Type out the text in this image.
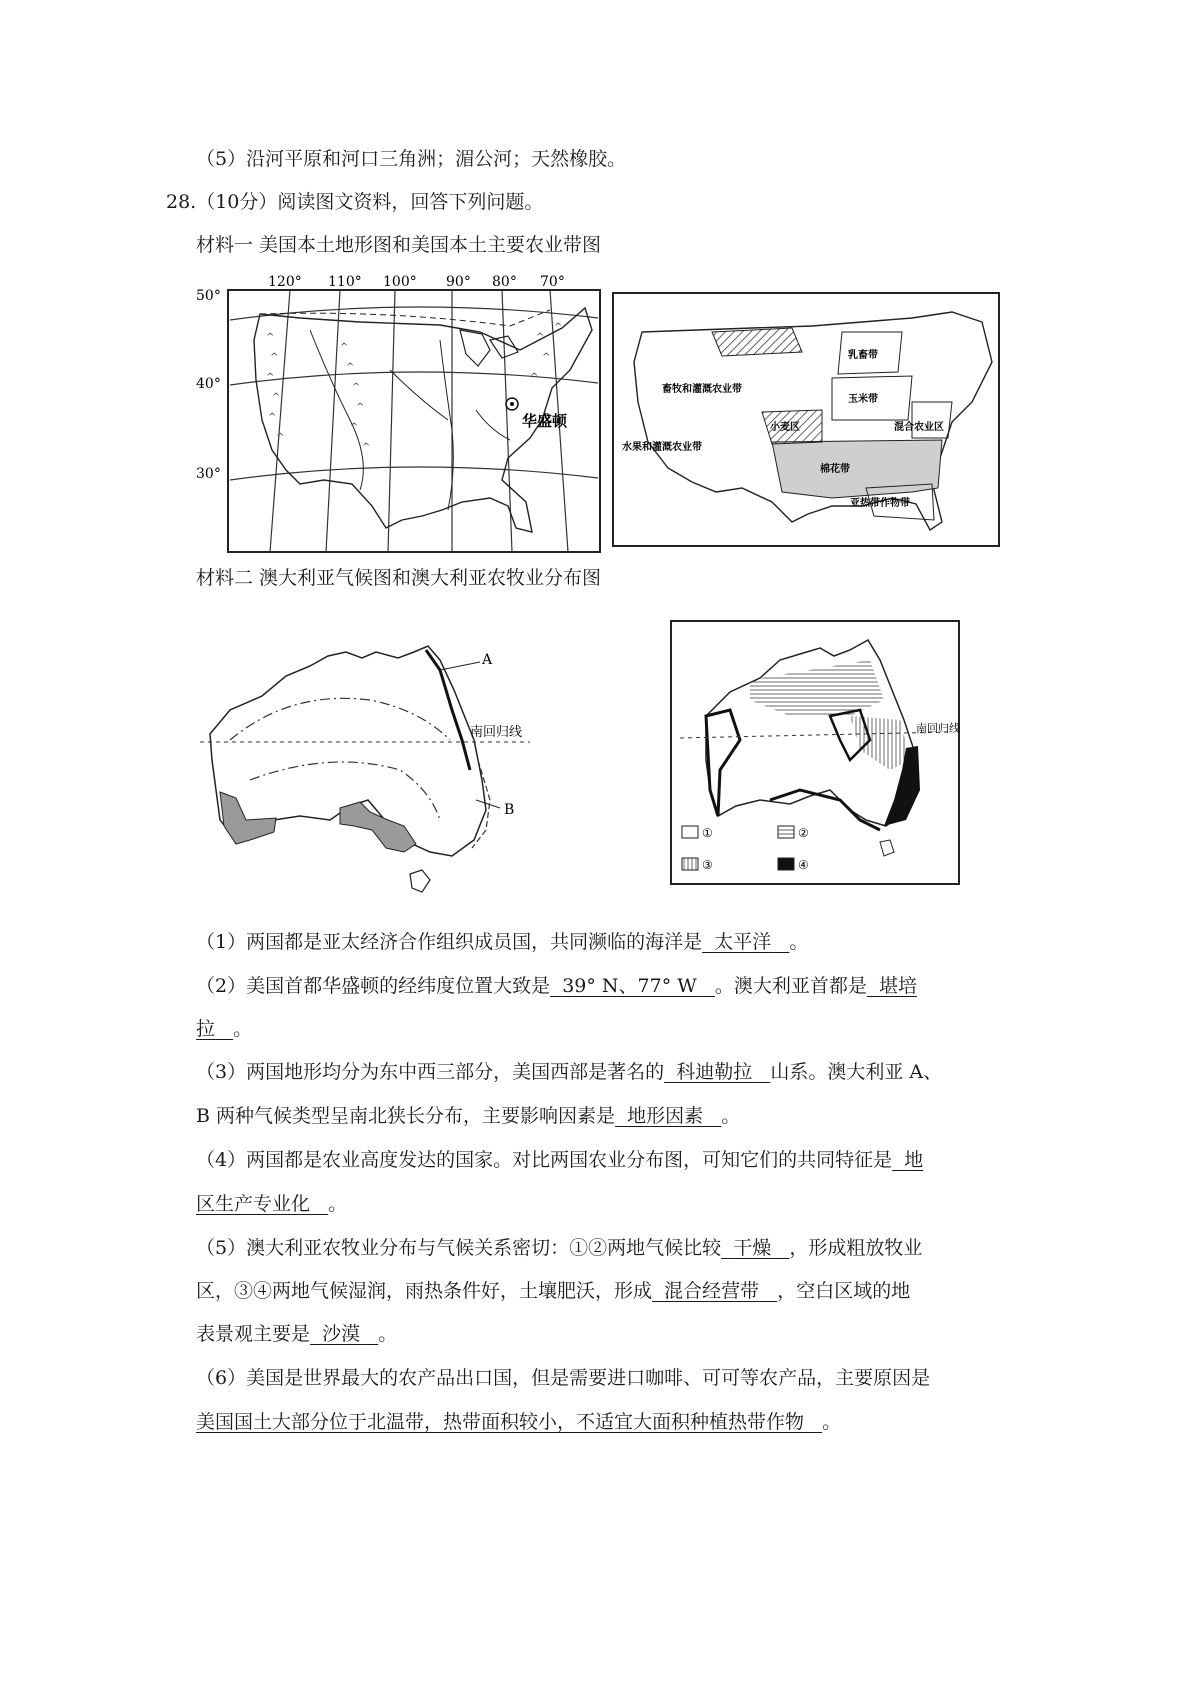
（5）沿河平原和河口三角洲；湄公河；天然橡胶。
28.（10分）阅读图文资料，回答下列问题。
材料一 美国本土地形图和美国本土主要农业带图
120° 110° 100° 90° 80° 70°
50°
40°
30°
^
^
^
^
^
^
^
^
^
^
^
^
^
^
^
^
华盛顿
畜牧和灌溉农业带
水果和灌溉农业带
乳畜带
玉米带
小麦区	混合农业区
棉花带
亚热带作物带
材料二 澳大利亚气候图和澳大利亚农牧业分布图
A
B
南回归线	南回归线
①	②
③	④
（1）两国都是亚太经济合作组织成员国，共同濒临的海洋是 太平洋 。
（2）美国首都华盛顿的经纬度位置大致是 39° N、77° W 。澳大利亚首都是 堪培
拉 。
（3）两国地形均分为东中西三部分，美国西部是著名的 科迪勒拉 山系。澳大利亚 A、
B 两种气候类型呈南北狭长分布，主要影响因素是 地形因素 。
（4）两国都是农业高度发达的国家。对比两国农业分布图，可知它们的共同特征是 地
区生产专业化 。
（5）澳大利亚农牧业分布与气候关系密切：①②两地气候比较 干燥 ，形成粗放牧业
区，③④两地气候湿润，雨热条件好，土壤肥沃，形成 混合经营带 ，空白区域的地
表景观主要是 沙漠 。
（6）美国是世界最大的农产品出口国，但是需要进口咖啡、可可等农产品，主要原因是
美国国土大部分位于北温带，热带面积较小，不适宜大面积种植热带作物 。
